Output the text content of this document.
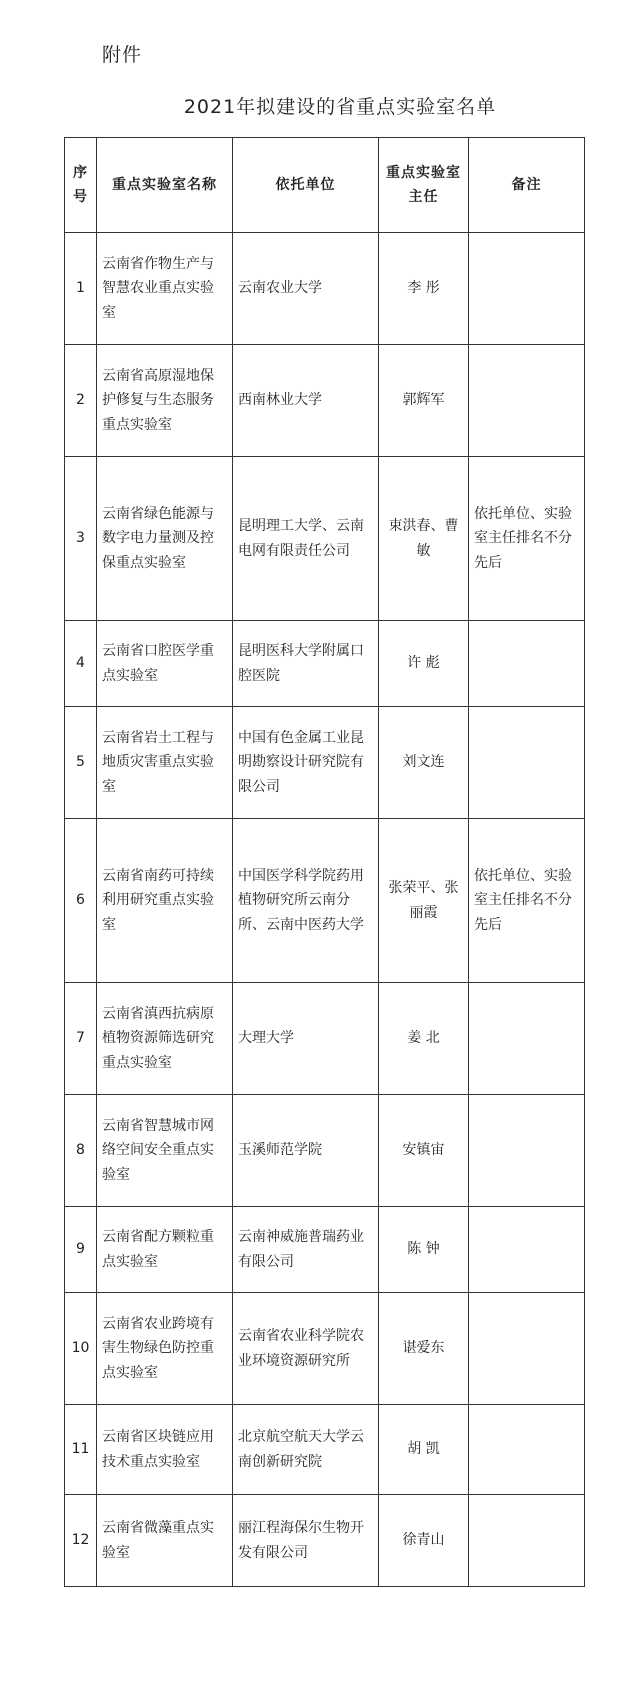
附件
2021年拟建设的省重点实验室名单
序号	重点实验室名称	依托单位	重点实验室主任	备注
1	云南省作物生产与智慧农业重点实验室	云南农业大学	李 彤	
2	云南省高原湿地保护修复与生态服务重点实验室	西南林业大学	郭辉军	
3	云南省绿色能源与数字电力量测及控保重点实验室	昆明理工大学、云南电网有限责任公司	束洪春、曹 敏	依托单位、实验室主任排名不分先后
4	云南省口腔医学重点实验室	昆明医科大学附属口腔医院	许 彪	
5	云南省岩土工程与地质灾害重点实验室	中国有色金属工业昆明勘察设计研究院有限公司	刘文连	
6	云南省南药可持续利用研究重点实验室	中国医学科学院药用植物研究所云南分所、云南中医药大学	张荣平、张丽霞	依托单位、实验室主任排名不分先后
7	云南省滇西抗病原植物资源筛选研究重点实验室	大理大学	姜 北	
8	云南省智慧城市网络空间安全重点实验室	玉溪师范学院	安镇宙	
9	云南省配方颗粒重点实验室	云南神威施普瑞药业有限公司	陈 钟	
10	云南省农业跨境有害生物绿色防控重点实验室	云南省农业科学院农业环境资源研究所	谌爱东	
11	云南省区块链应用技术重点实验室	北京航空航天大学云南创新研究院	胡 凯	
12	云南省微藻重点实验室	丽江程海保尔生物开发有限公司	徐青山	
